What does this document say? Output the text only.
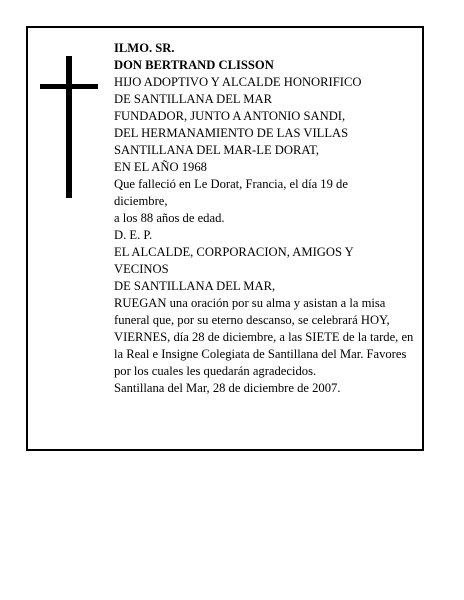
ILMO. SR.
DON BERTRAND CLISSON
HIJO ADOPTIVO Y ALCALDE HONORIFICO
DE SANTILLANA DEL MAR
FUNDADOR, JUNTO A ANTONIO SANDI,
DEL HERMANAMIENTO DE LAS VILLAS
SANTILLANA DEL MAR-LE DORAT,
EN EL AÑO 1968
Que falleció en Le Dorat, Francia, el día 19 de
diciembre,
a los 88 años de edad.
D. E. P.
EL ALCALDE, CORPORACION, AMIGOS Y
VECINOS
DE SANTILLANA DEL MAR,
RUEGAN una oración por su alma y asistan a la misa funeral que, por su eterno descanso, se celebrará HOY, VIERNES, día 28 de diciembre, a las SIETE de la tarde, en la Real e Insigne Colegiata de Santillana del Mar. Favores por los cuales les quedarán agradecidos.
Santillana del Mar, 28 de diciembre de 2007.
